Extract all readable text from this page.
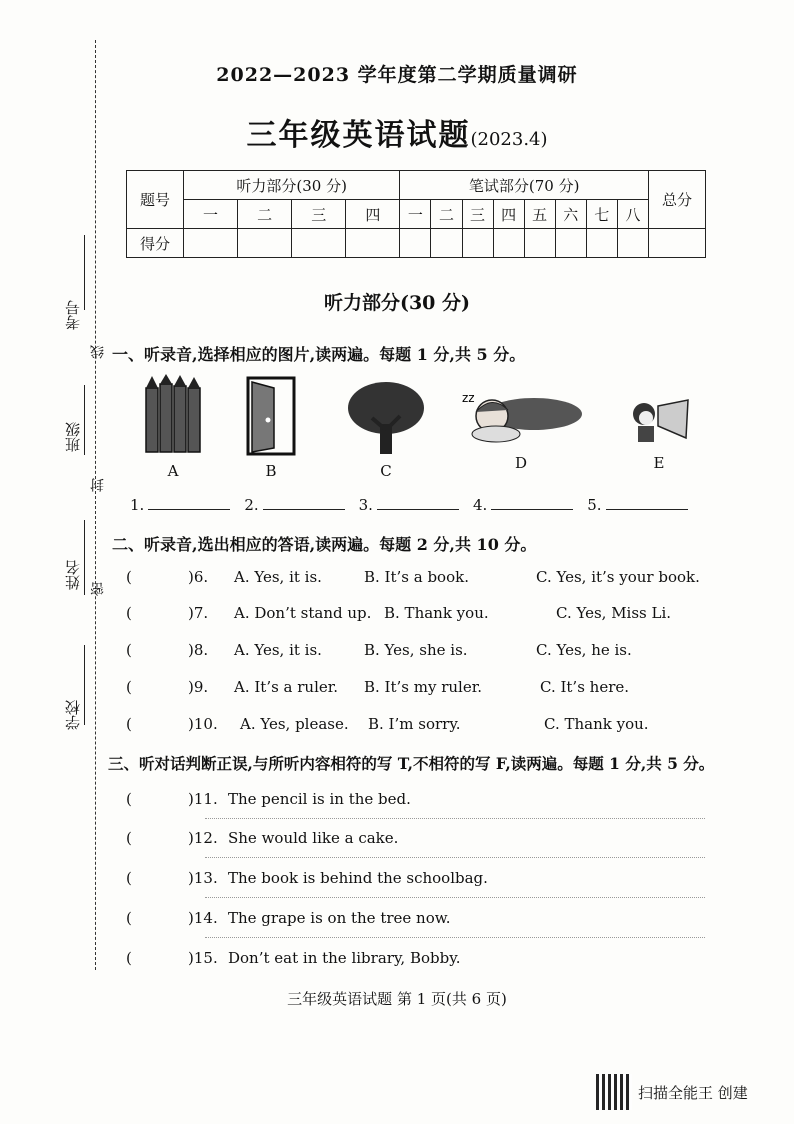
考号
线
班级
封
姓名 密
学校
2022—2023 学年度第二学期质量调研
三年级英语试题(2023.4)
题号	听力部分(30 分)				笔试部分(70 分)								总分
	一	二	三	四	一	二	三	四	五	六	七	八	
得分													
听力部分(30 分)
一、听录音,选择相应的图片,读两遍。每题 1 分,共 5 分。
A	B	C
zz
D	E
1.	2.	3.	4.	5.
二、听录音,选出相应的答语,读两遍。每题 2 分,共 10 分。
(	)6.	A. Yes, it is.	B. It’s a book.	C. Yes, it’s your book.
(	)7.	A. Don’t stand up. B. Thank you.	C. Yes, Miss Li.
(	)8.	A. Yes, it is.	B. Yes, she is.	C. Yes, he is.
(	)9.	A. It’s a ruler.	B. It’s my ruler.	C. It’s here.
(	)10.	A. Yes, please.	B. I’m sorry.	C. Thank you.
三、听对话判断正误,与所听内容相符的写 T,不相符的写 F,读两遍。每题 1 分,共 5 分。
(	)11. The pencil is in the bed.
(	)12. She would like a cake.
(	)13. The book is behind the schoolbag.
(	)14. The grape is on the tree now.
(	)15. Don’t eat in the library, Bobby.
三年级英语试题 第 1 页(共 6 页)
扫描全能王 创建
